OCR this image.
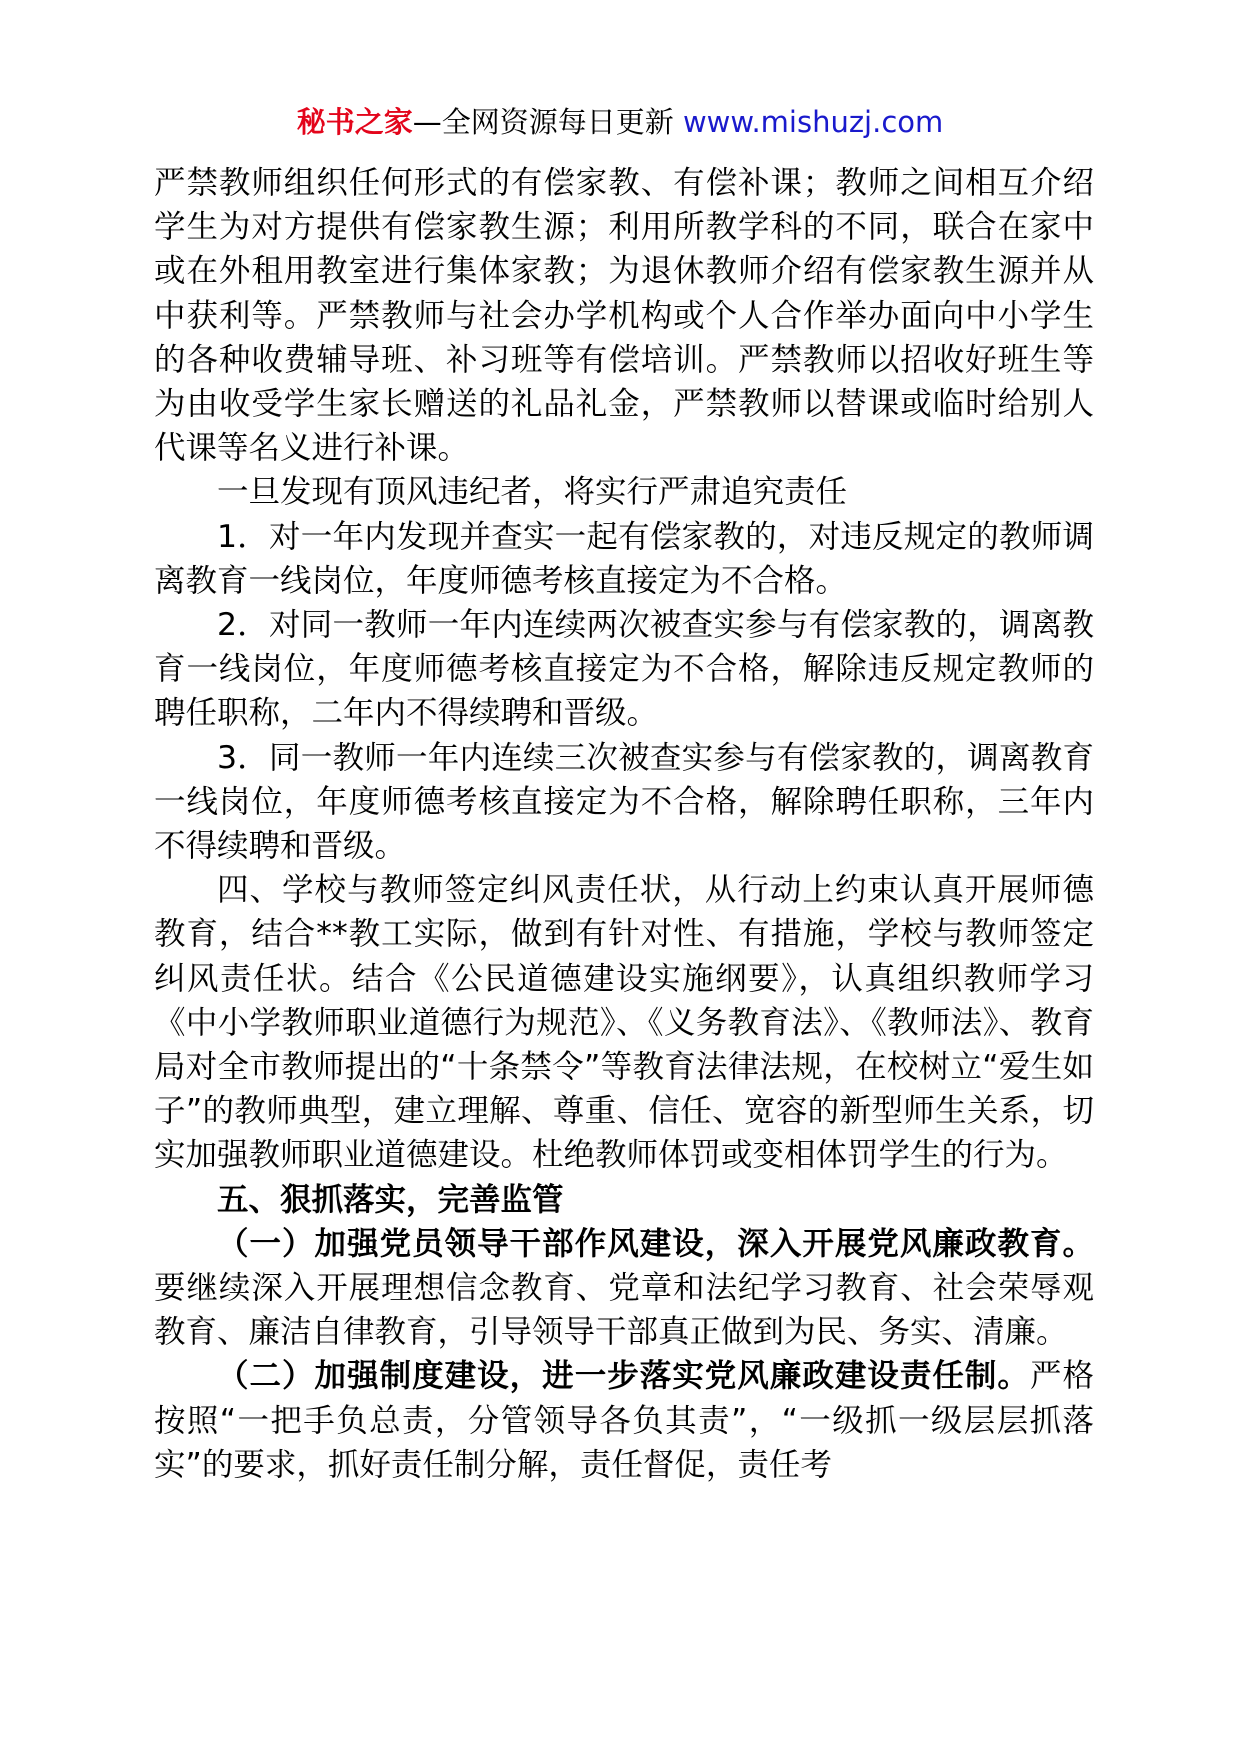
秘书之家—全网资源每日更新 www.mishuzj.com

严禁教师组织任何形式的有偿家教、有偿补课；教师之间相互介绍学生为对方提供有偿家教生源；利用所教学科的不同，联合在家中或在外租用教室进行集体家教；为退休教师介绍有偿家教生源并从中获利等。严禁教师与社会办学机构或个人合作举办面向中小学生的各种收费辅导班、补习班等有偿培训。严禁教师以招收好班生等为由收受学生家长赠送的礼品礼金，严禁教师以替课或临时给别人代课等名义进行补课。

一旦发现有顶风违纪者，将实行严肃追究责任

1．对一年内发现并查实一起有偿家教的，对违反规定的教师调离教育一线岗位，年度师德考核直接定为不合格。

2．对同一教师一年内连续两次被查实参与有偿家教的，调离教育一线岗位，年度师德考核直接定为不合格，解除违反规定教师的聘任职称，二年内不得续聘和晋级。

3．同一教师一年内连续三次被查实参与有偿家教的，调离教育一线岗位，年度师德考核直接定为不合格，解除聘任职称，三年内不得续聘和晋级。

四、学校与教师签定纠风责任状，从行动上约束认真开展师德教育，结合**教工实际，做到有针对性、有措施，学校与教师签定纠风责任状。结合《公民道德建设实施纲要》，认真组织教师学习《中小学教师职业道德行为规范》、《义务教育法》、《教师法》、教育局对全市教师提出的“十条禁令”等教育法律法规，在校树立“爱生如子”的教师典型，建立理解、尊重、信任、宽容的新型师生关系，切实加强教师职业道德建设。杜绝教师体罚或变相体罚学生的行为。

五、狠抓落实，完善监管

（一）加强党员领导干部作风建设，深入开展党风廉政教育。要继续深入开展理想信念教育、党章和法纪学习教育、社会荣辱观教育、廉洁自律教育，引导领导干部真正做到为民、务实、清廉。

（二）加强制度建设，进一步落实党风廉政建设责任制。严格按照“一把手负总责，分管领导各负其责”，“一级抓一级层层抓落实”的要求，抓好责任制分解，责任督促，责任考
